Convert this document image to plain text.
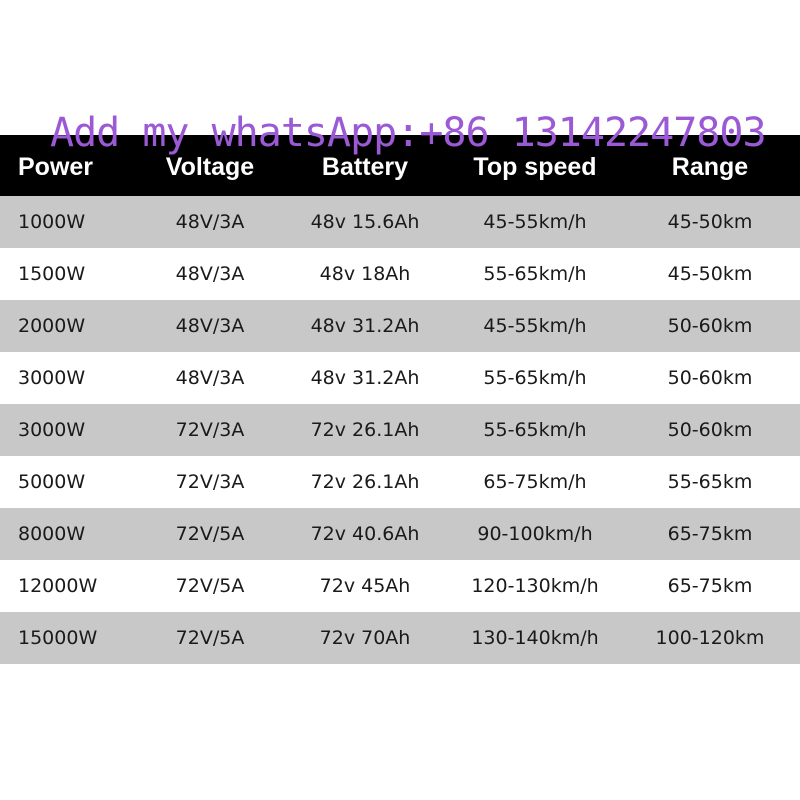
Add my whatsApp:+86 13142247803
Power	Voltage	Battery	Top speed	Range
1000W	48V/3A	48v 15.6Ah	45-55km/h	45-50km
1500W	48V/3A	48v 18Ah	55-65km/h	45-50km
2000W	48V/3A	48v 31.2Ah	45-55km/h	50-60km
3000W	48V/3A	48v 31.2Ah	55-65km/h	50-60km
3000W	72V/3A	72v 26.1Ah	55-65km/h	50-60km
5000W	72V/3A	72v 26.1Ah	65-75km/h	55-65km
8000W	72V/5A	72v 40.6Ah	90-100km/h	65-75km
12000W	72V/5A	72v 45Ah	120-130km/h	65-75km
15000W	72V/5A	72v 70Ah	130-140km/h	100-120km
